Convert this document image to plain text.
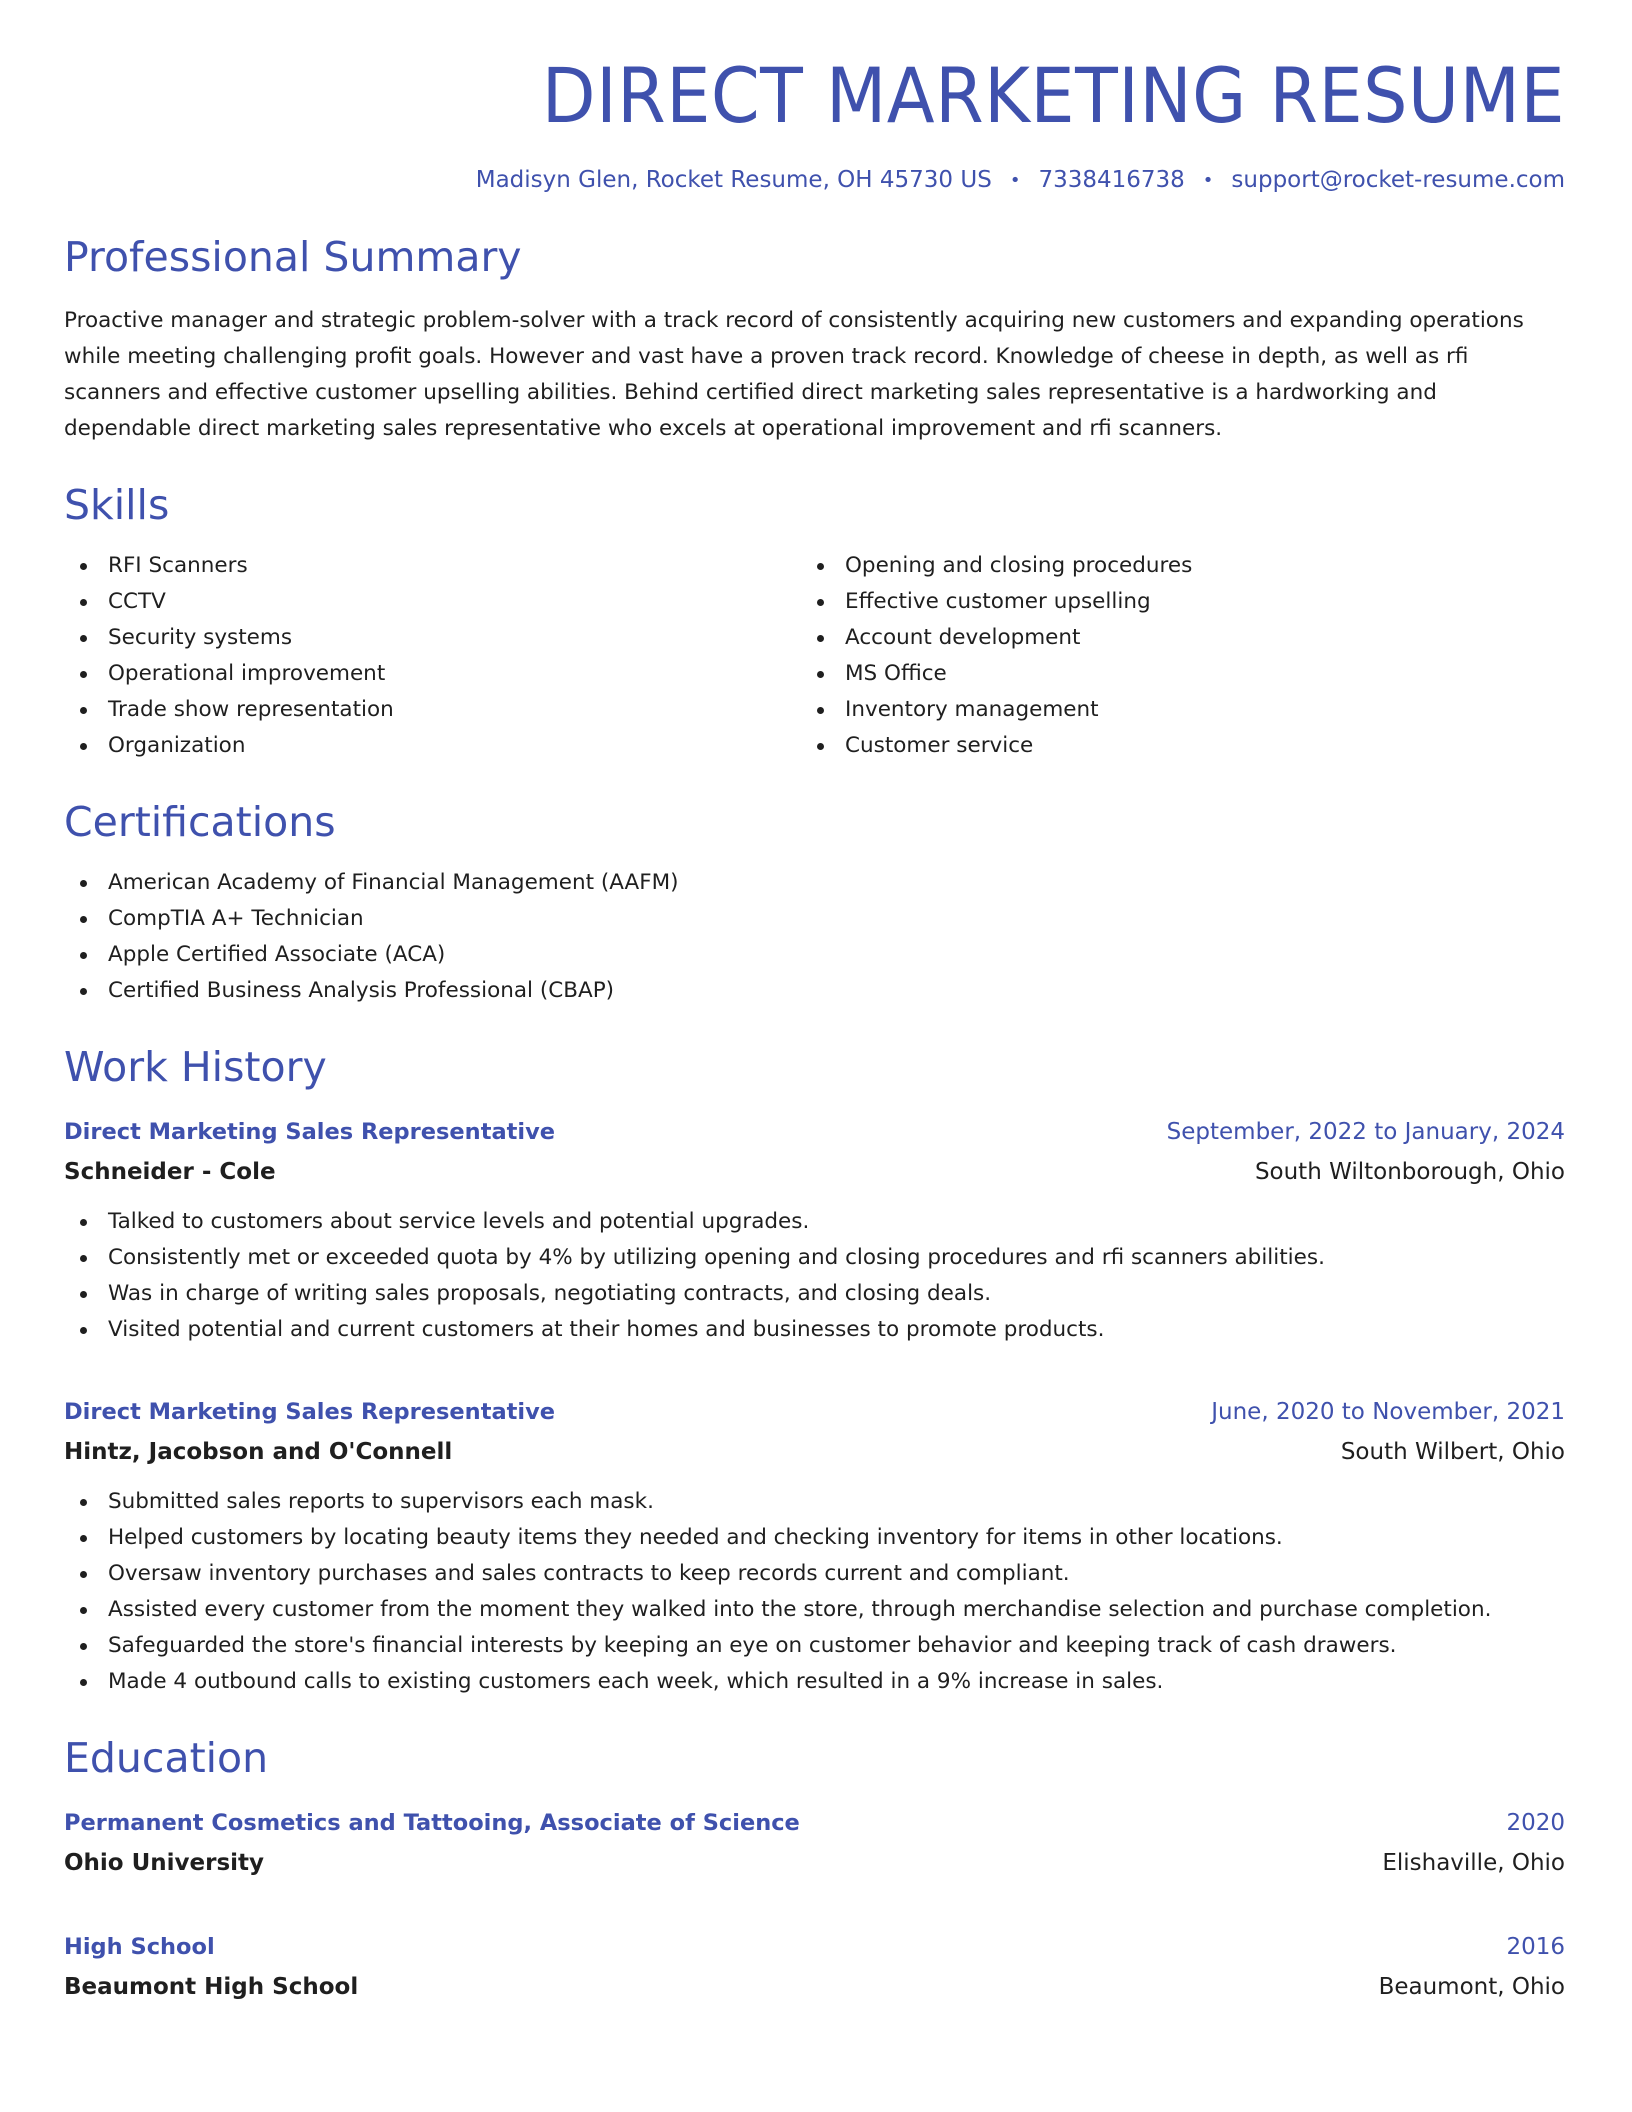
DIRECT MARKETING RESUME
Madisyn Glen, Rocket Resume, OH 45730 US • 7338416738 • support@rocket-resume.com
Professional Summary

Proactive manager and strategic problem-solver with a track record of consistently acquiring new customers and expanding operations while meeting challenging profit goals. However and vast have a proven track record. Knowledge of cheese in depth, as well as rfi scanners and effective customer upselling abilities. Behind certified direct marketing sales representative is a hardworking and dependable direct marketing sales representative who excels at operational improvement and rfi scanners.

Skills
RFI Scanners
CCTV
Security systems
Operational improvement
Trade show representation
Organization
Opening and closing procedures
Effective customer upselling
Account development
MS Office
Inventory management
Customer service
Certifications
American Academy of Financial Management (AAFM)
CompTIA A+ Technician
Apple Certified Associate (ACA)
Certified Business Analysis Professional (CBAP)
Work History
Direct Marketing Sales Representative	September, 2022 to January, 2024
Schneider - Cole	South Wiltonborough, Ohio
Talked to customers about service levels and potential upgrades.
Consistently met or exceeded quota by 4% by utilizing opening and closing procedures and rfi scanners abilities.
Was in charge of writing sales proposals, negotiating contracts, and closing deals.
Visited potential and current customers at their homes and businesses to promote products.
Direct Marketing Sales Representative	June, 2020 to November, 2021
Hintz, Jacobson and O'Connell	South Wilbert, Ohio
Submitted sales reports to supervisors each mask.
Helped customers by locating beauty items they needed and checking inventory for items in other locations.
Oversaw inventory purchases and sales contracts to keep records current and compliant.
Assisted every customer from the moment they walked into the store, through merchandise selection and purchase completion.
Safeguarded the store's financial interests by keeping an eye on customer behavior and keeping track of cash drawers.
Made 4 outbound calls to existing customers each week, which resulted in a 9% increase in sales.
Education
Permanent Cosmetics and Tattooing, Associate of Science	2020
Ohio University	Elishaville, Ohio
High School	2016
Beaumont High School	Beaumont, Ohio
